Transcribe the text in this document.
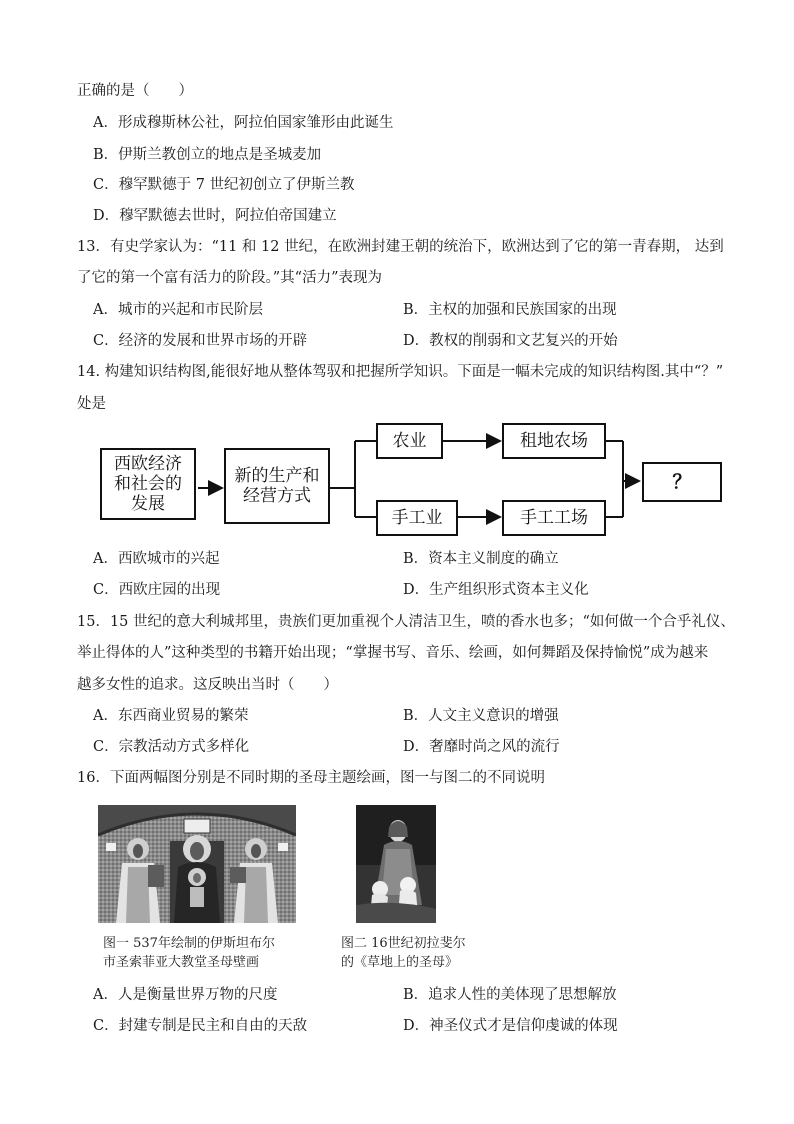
正确的是（　　）
A．形成穆斯林公社，阿拉伯国家雏形由此诞生
B．伊斯兰教创立的地点是圣城麦加
C．穆罕默德于 7 世纪初创立了伊斯兰教
D．穆罕默德去世时，阿拉伯帝国建立
13．有史学家认为：“11 和 12 世纪，在欧洲封建王朝的统治下，欧洲达到了它的第一青春期， 达到
了它的第一个富有活力的阶段。”其“活力”表现为
A．城市的兴起和市民阶层	B．主权的加强和民族国家的出现
C．经济的发展和世界市场的开辟	D．教权的削弱和文艺复兴的开始
14. 构建知识结构图,能很好地从整体驾驭和把握所学知识。下面是一幅未完成的知识结构图.其中“？”
处是
西欧经济
和社会的
发展
新的生产和
经营方式
农业	租地农场
手工业	手工工场
？
A．西欧城市的兴起	B．资本主义制度的确立
C．西欧庄园的出现	D．生产组织形式资本主义化
15．15 世纪的意大利城邦里，贵族们更加重视个人清洁卫生，喷的香水也多；“如何做一个合乎礼仪、
举止得体的人”这种类型的书籍开始出现；“掌握书写、音乐、绘画，如何舞蹈及保持愉悦”成为越来
越多女性的追求。这反映出当时（　　）
A．东西商业贸易的繁荣	B．人文主义意识的增强
C．宗教活动方式多样化	D．奢靡时尚之风的流行
16．下面两幅图分别是不同时期的圣母主题绘画，图一与图二的不同说明
图一 537年绘制的伊斯坦布尔
市圣索菲亚大教堂圣母壁画
图二 16世纪初拉斐尔
的《草地上的圣母》
A．人是衡量世界万物的尺度	B．追求人性的美体现了思想解放
C．封建专制是民主和自由的天敌	D．神圣仪式才是信仰虔诚的体现
